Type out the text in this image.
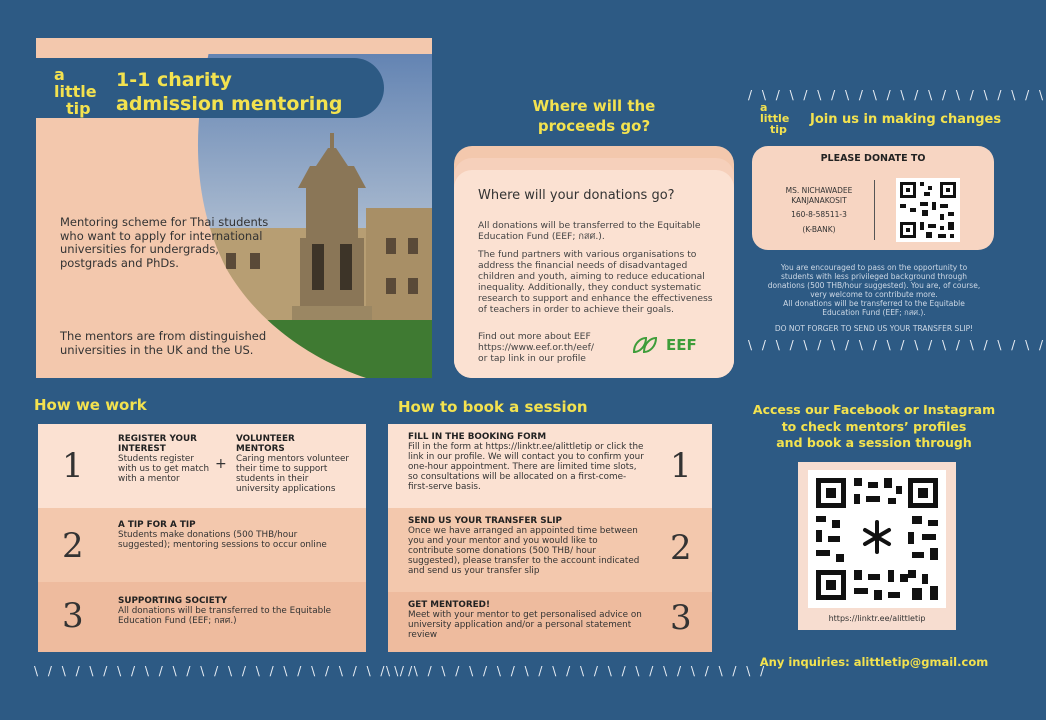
a
little
tip
1-1 charity
admission mentoring
Mentoring scheme for Thai students who want to apply for international universities for undergrads, postgrads and PhDs.
The mentors are from distinguished universities in the UK and the US.
Where will the
proceeds go?
Where will your donations go?
All donations will be transferred to the Equitable Education Fund (EEF; กสศ.).
The fund partners with various organisations to address the financial needs of disadvantaged children and youth, aiming to reduce educational inequality. Additionally, they conduct systematic research to support and enhance the effectiveness of teachers in order to achieve their goals.
Find out more about EEF
https://www.eef.or.th/eef/
or tap link in our profile
EEF
/ \ / \ / \ / \ / \ / \ / \ / \ / \ / \ / \
a
little
tip
Join us in making changes
PLEASE DONATE TO
MS. NICHAWADEE
KANJANAKOSIT
160-8-58511-3
(K-BANK)
You are encouraged to pass on the opportunity to students with less privileged background through donations (500 THB/hour suggested). You are, of course, very welcome to contribute more.
All donations will be transferred to the Equitable Education Fund (EEF; กสศ.).
DO NOT FORGER TO SEND US YOUR TRANSFER SLIP!
\ / \ / \ / \ / \ / \ / \ / \ / \ / \ / \ /
How we work
1
REGISTER YOUR
INTEREST
Students register with us to get match with a mentor
+
VOLUNTEER
MENTORS
Caring mentors volunteer their time to support students in their university applications
2
A TIP FOR A TIP
Students make donations (500 THB/hour suggested); mentoring sessions to occur online
3	SUPPORTING SOCIETY
All donations will be transferred to the Equitable Education Fund (EEF; กสศ.)
How to book a session
FILL IN THE BOOKING FORM
Fill in the form at https://linktr.ee/alittletip or click the link in our profile. We will contact you to confirm your one-hour appointment. There are limited time slots, so consultations will be allocated on a first-come-first-serve basis.
1
SEND US YOUR TRANSFER SLIP
Once we have arranged an appointed time between you and your mentor and you would like to contribute some donations (500 THB/ hour suggested), please transfer to the account indicated and send us your transfer slip
2
GET MENTORED!
Meet with your mentor to get personalised advice on university application and/or a personal statement review	3
Access our Facebook or Instagram
to check mentors’ profiles
and book a session through
https://linktr.ee/alittletip
Any inquiries: alittletip@gmail.com
\ / \ / \ / \ / \ / \ / \ / \ / \ / \ / \ / \ / \ / \ /
\ / \ / \ / \ / \ / \ / \ / \ / \ / \ / \ / \ / \ / \ /
